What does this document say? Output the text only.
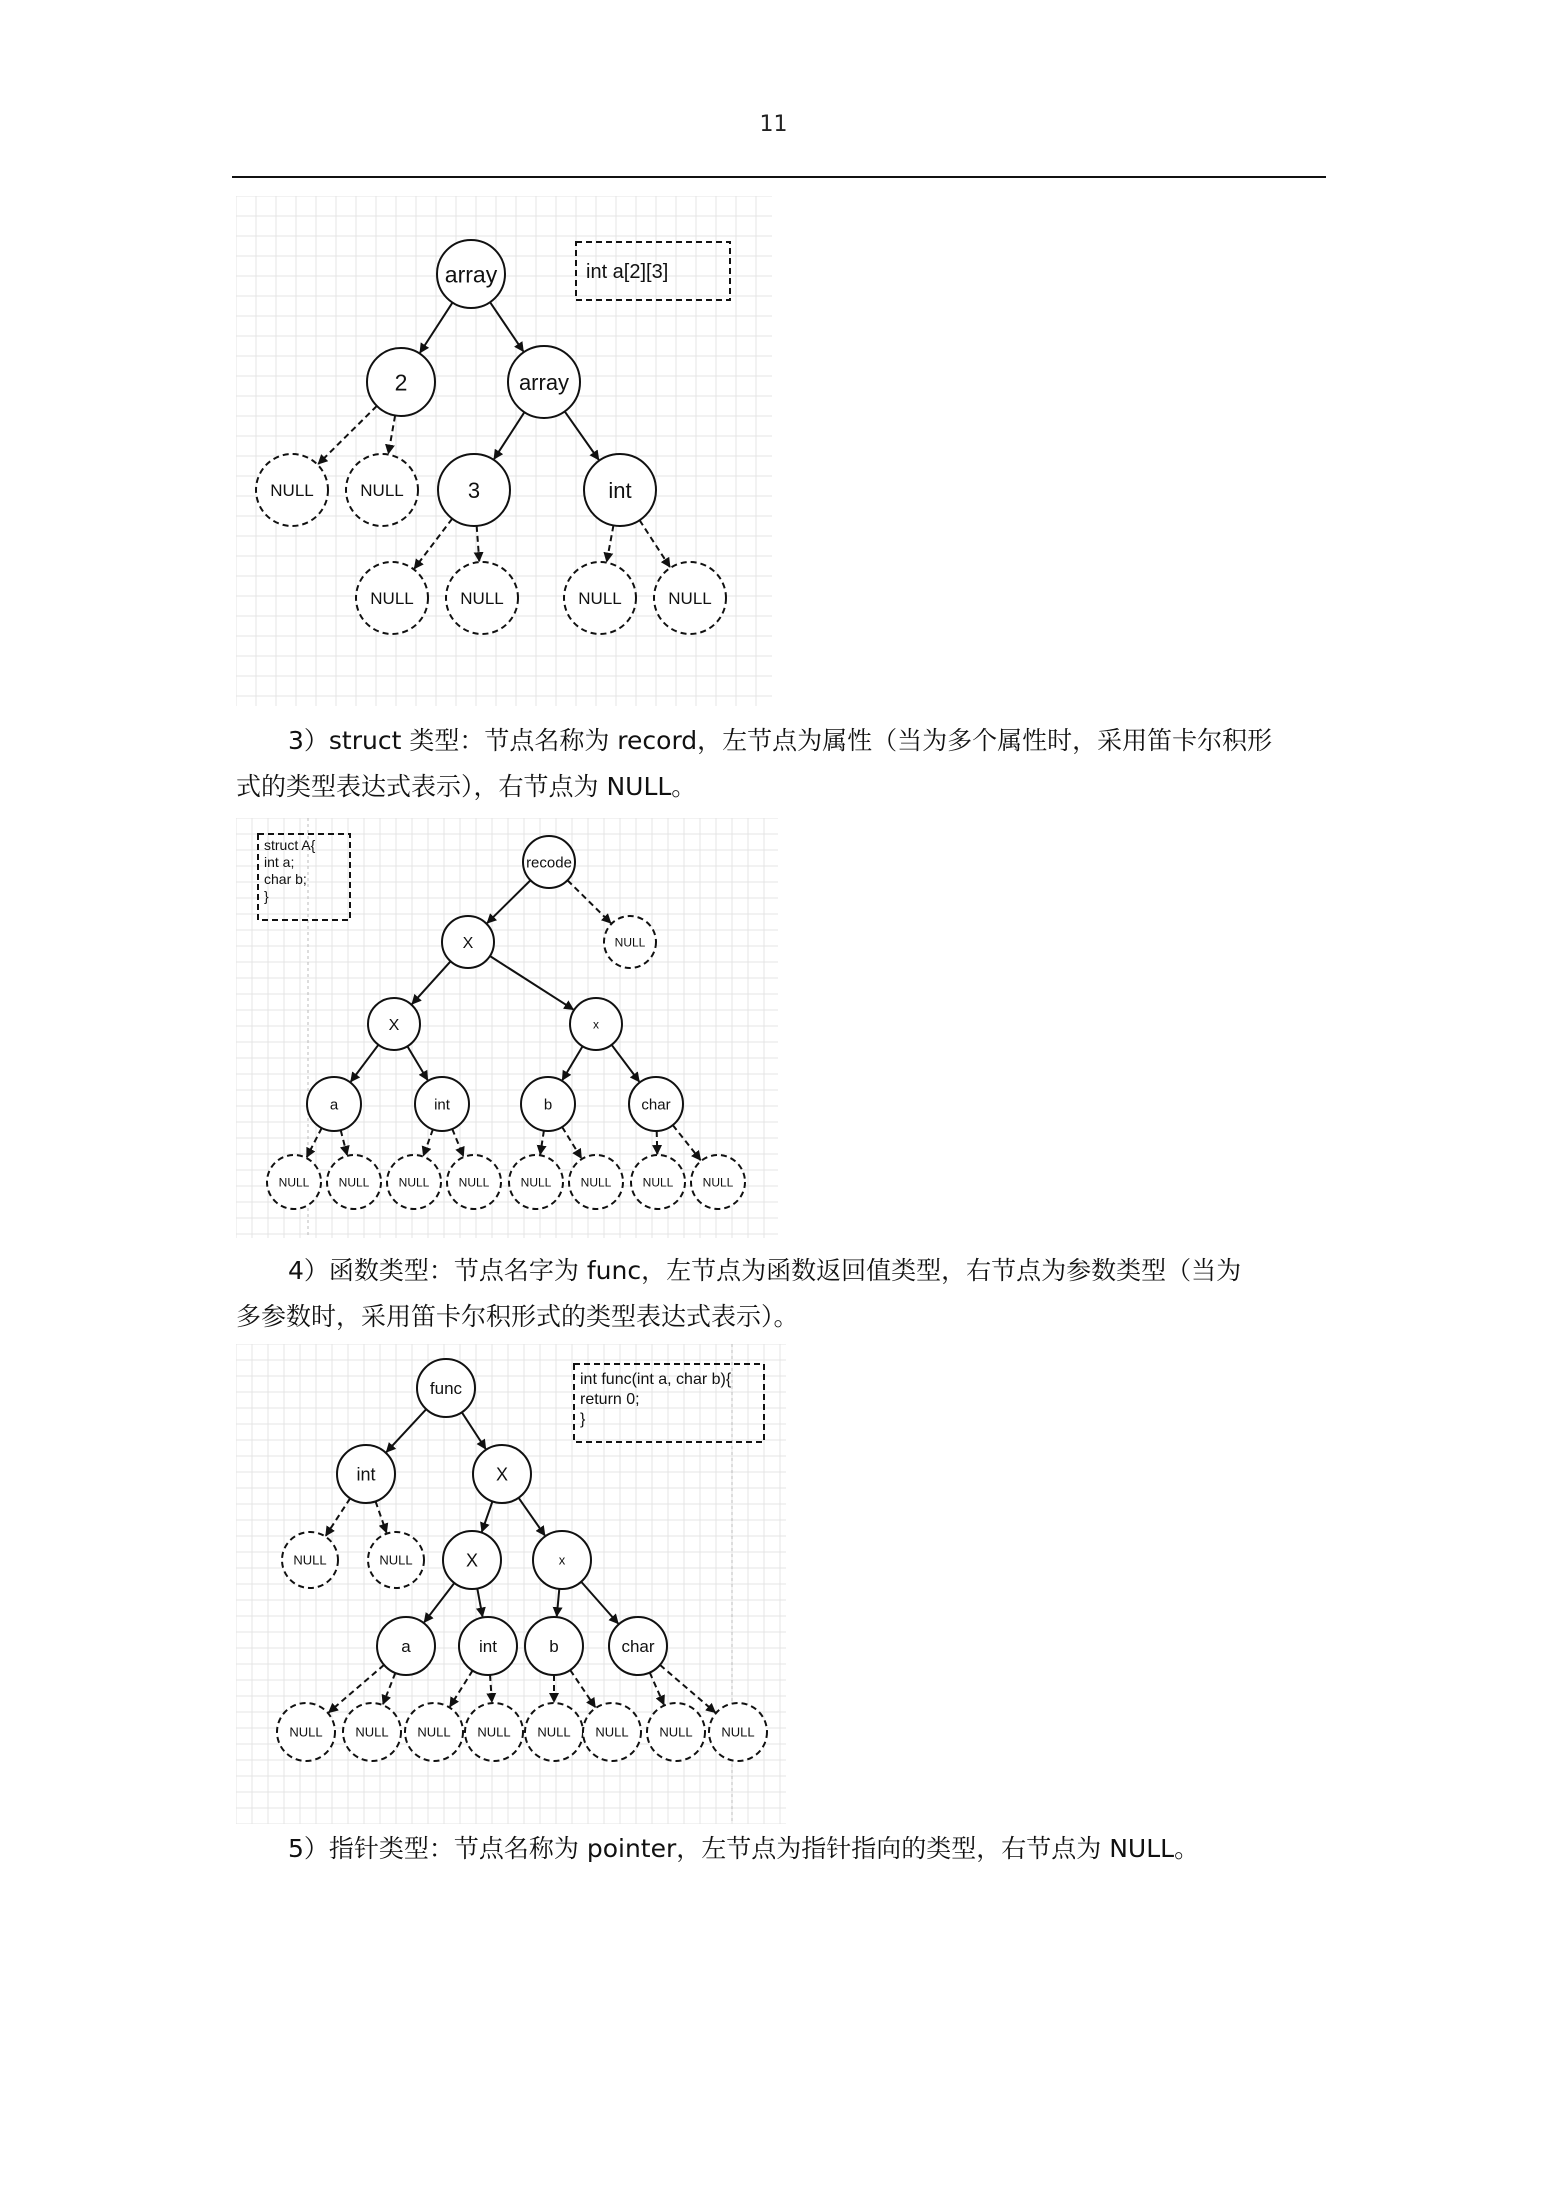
11
int a[2][3]
array
2	array
NULL	NULL	3	int
NULL	NULL	NULL	NULL

3）struct 类型：节点名称为 record，左节点为属性（当为多个属性时，采用笛卡尔积形
式的类型表达式表示），右节点为 NULL。

struct A{
int a;
char b;
}
recode
X	NULL
X	x
a	int	b	char
NULL NULL NULL NULL	NULL NULL	NULL NULL

4）函数类型：节点名字为 func，左节点为函数返回值类型，右节点为参数类型（当为
多参数时，采用笛卡尔积形式的类型表达式表示）。

int func(int a, char b){
return 0;
}
func
int	X
NULL	NULL	X	x
a	int	b	char
NULL	NULL NULL NULL NULL NULL NULL NULL

5）指针类型：节点名称为 pointer，左节点为指针指向的类型，右节点为 NULL。
